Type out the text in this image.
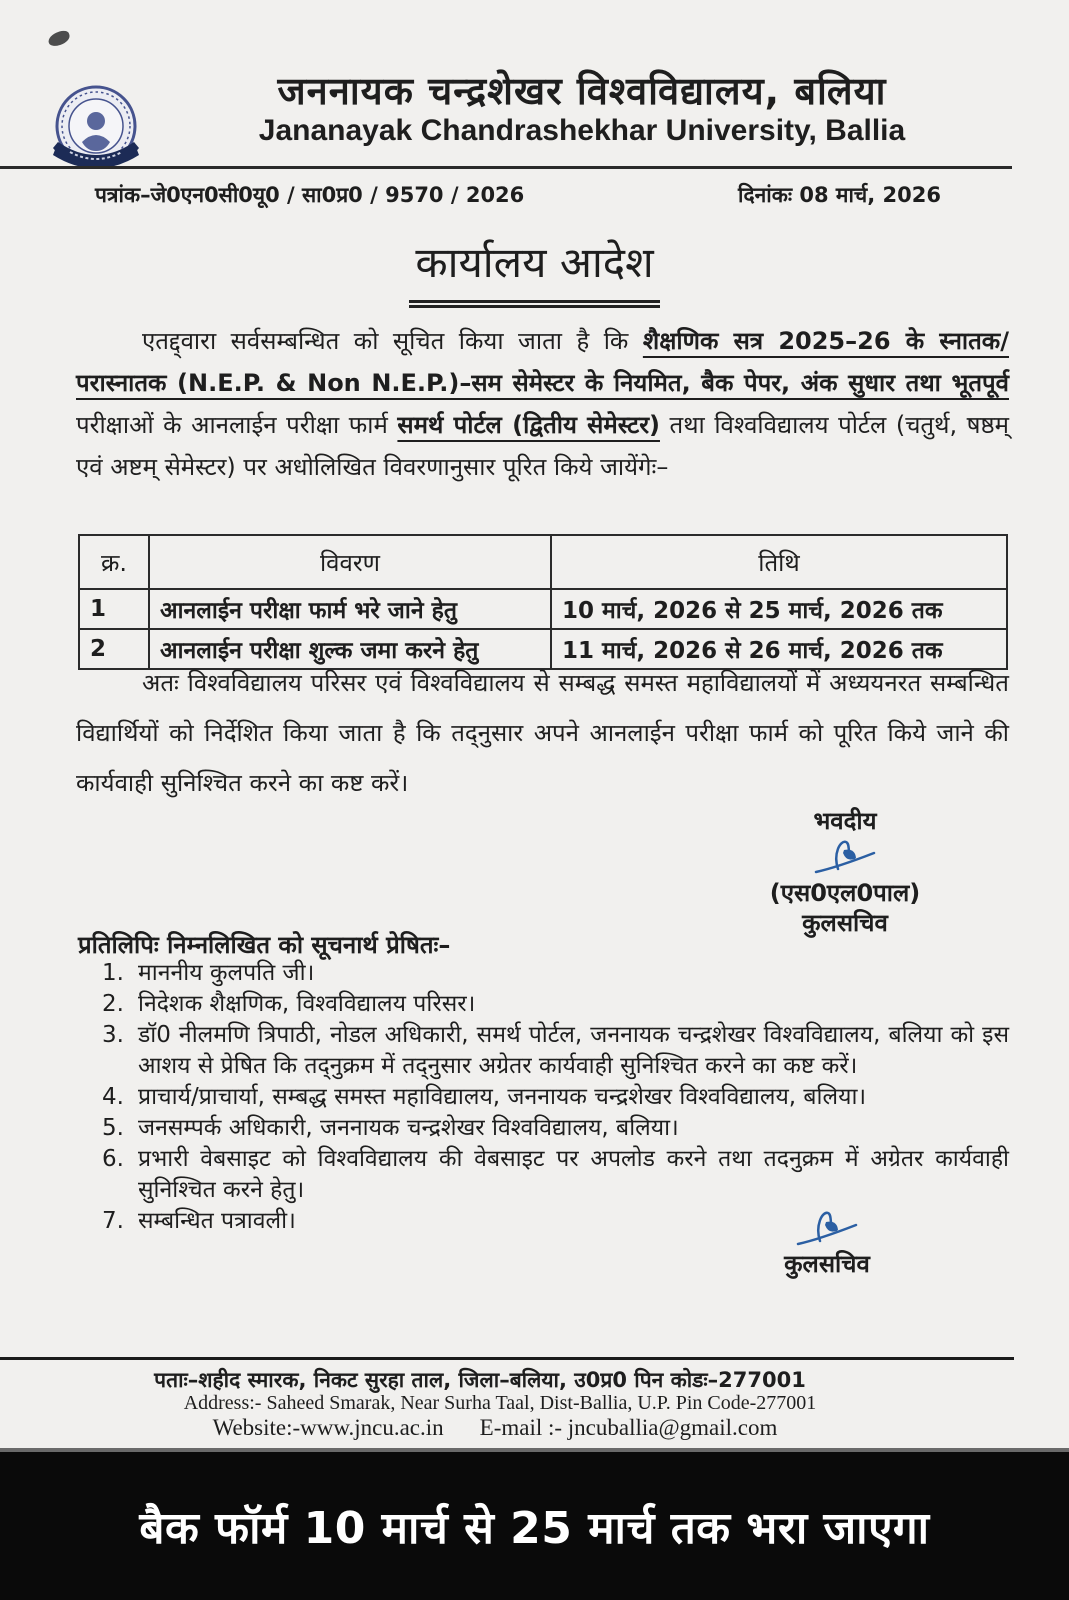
जननायक चन्द्रशेखर विश्वविद्यालय, बलिया
Jananayak Chandrashekhar University, Ballia
पत्रांक–जे0एन0सी0यू0 / सा0प्र0 / 9570 / 2026	दिनांकः 08 मार्च, 2026
कार्यालय आदेश
एतद्द्वारा सर्वसम्बन्धित को सूचित किया जाता है कि शैक्षणिक सत्र 2025–26 के स्नातक/परास्नातक (N.E.P. & Non N.E.P.)–सम सेमेस्टर के नियमित, बैक पेपर, अंक सुधार तथा भूतपूर्व परीक्षाओं के आनलाईन परीक्षा फार्म समर्थ पोर्टल (द्वितीय सेमेस्टर) तथा विश्वविद्यालय पोर्टल (चतुर्थ, षष्ठम् एवं अष्टम् सेमेस्टर) पर अधोलिखित विवरणानुसार पूरित किये जायेंगेः–
क्र.	विवरण	तिथि
1	आनलाईन परीक्षा फार्म भरे जाने हेतु	10 मार्च, 2026 से 25 मार्च, 2026 तक
2	आनलाईन परीक्षा शुल्क जमा करने हेतु	11 मार्च, 2026 से 26 मार्च, 2026 तक
अतः विश्वविद्यालय परिसर एवं विश्वविद्यालय से सम्बद्ध समस्त महाविद्यालयों में अध्ययनरत सम्बन्धित विद्यार्थियों को निर्देशित किया जाता है कि तद्नुसार अपने आनलाईन परीक्षा फार्म को पूरित किये जाने की कार्यवाही सुनिश्चित करने का कष्ट करें।
भवदीय
(एस0एल0पाल)
कुलसचिव
प्रतिलिपिः निम्नलिखित को सूचनार्थ प्रेषितः–
1. माननीय कुलपति जी।
2. निदेशक शैक्षणिक, विश्वविद्यालय परिसर।
3. डॉ0 नीलमणि त्रिपाठी, नोडल अधिकारी, समर्थ पोर्टल, जननायक चन्द्रशेखर विश्वविद्यालय, बलिया को इस आशय से प्रेषित कि तद्नुक्रम में तद्नुसार अग्रेतर कार्यवाही सुनिश्चित करने का कष्ट करें।
4. प्राचार्य/प्राचार्या, सम्बद्ध समस्त महाविद्यालय, जननायक चन्द्रशेखर विश्वविद्यालय, बलिया।
5. जनसम्पर्क अधिकारी, जननायक चन्द्रशेखर विश्वविद्यालय, बलिया।
6. प्रभारी वेबसाइट को विश्वविद्यालय की वेबसाइट पर अपलोड करने तथा तदनुक्रम में अग्रेतर कार्यवाही सुनिश्चित करने हेतु।
7. सम्बन्धित पत्रावली।
कुलसचिव
पताः–शहीद स्मारक, निकट सुरहा ताल, जिला–बलिया, उ0प्र0 पिन कोडः–277001
Address:- Saheed Smarak, Near Surha Taal, Dist-Ballia, U.P. Pin Code-277001
Website:-www.jncu.ac.in E-mail :- jncuballia@gmail.com
बैक फॉर्म 10 मार्च से 25 मार्च तक भरा जाएगा
